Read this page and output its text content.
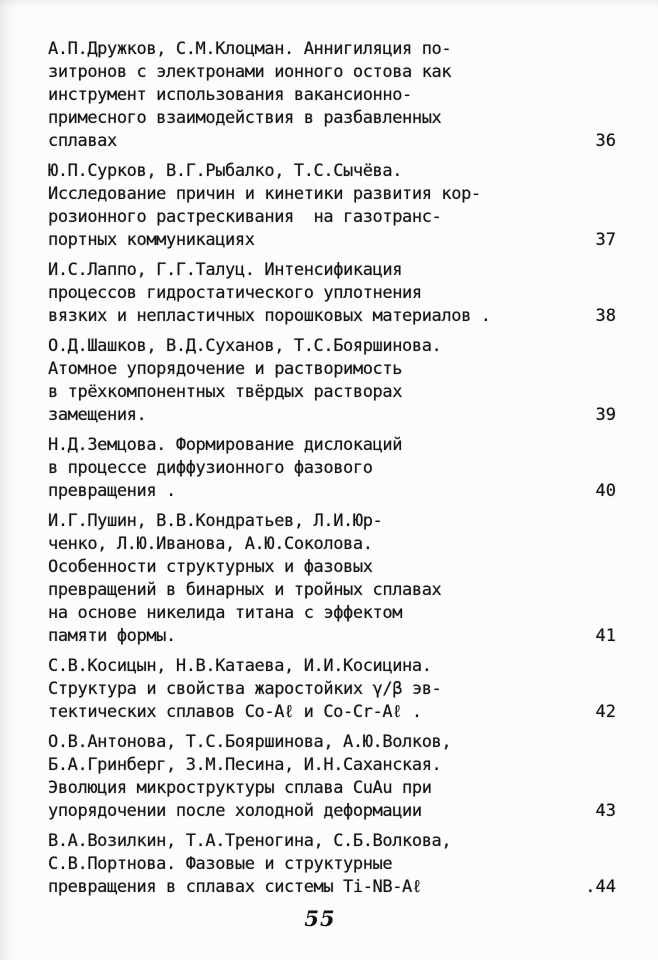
А.П.Дружков, С.М.Клоцман. Аннигиляция по-
зитронов с электронами ионного остова как
инструмент использования вакансионно-
примесного взаимодействия в разбавленных
сплавах	36
Ю.П.Сурков, В.Г.Рыбалко, Т.С.Сычёва.
Исследование причин и кинетики развития кор-
розионного растрескивания  на газотранс-
портных коммуникациях	37
И.С.Лаппо, Г.Г.Талуц. Интенсификация
процессов гидростатического уплотнения
вязких и непластичных порошковых материалов .	38
О.Д.Шашков, В.Д.Суханов, Т.С.Бояршинова.
Атомное упорядочение и растворимость
в трёхкомпонентных твёрдых растворах
замещения.	39
Н.Д.Земцова. Формирование дислокаций
в процессе диффузионного фазового
превращения .	40
И.Г.Пушин, В.В.Кондратьев, Л.И.Юр-
ченко, Л.Ю.Иванова, А.Ю.Соколова.
Особенности структурных и фазовых
превращений в бинарных и тройных сплавах
на основе никелида титана с эффектом
памяти формы.	41
С.В.Косицын, Н.В.Катаева, И.И.Косицина.
Структура и свойства жаростойких γ/β эв-
тектических сплавов Co-Aℓ и Co-Cr-Aℓ .	42
О.В.Антонова, Т.С.Бояршинова, А.Ю.Волков,
Б.А.Гринберг, З.М.Песина, И.Н.Саханская.
Эволюция микроструктуры сплава CuAu при
упорядочении после холодной деформации	43
В.А.Возилкин, Т.А.Треногина, С.Б.Волкова,
С.В.Портнова. Фазовые и структурные
превращения в сплавах системы Ti-NB-Aℓ	.44
55
